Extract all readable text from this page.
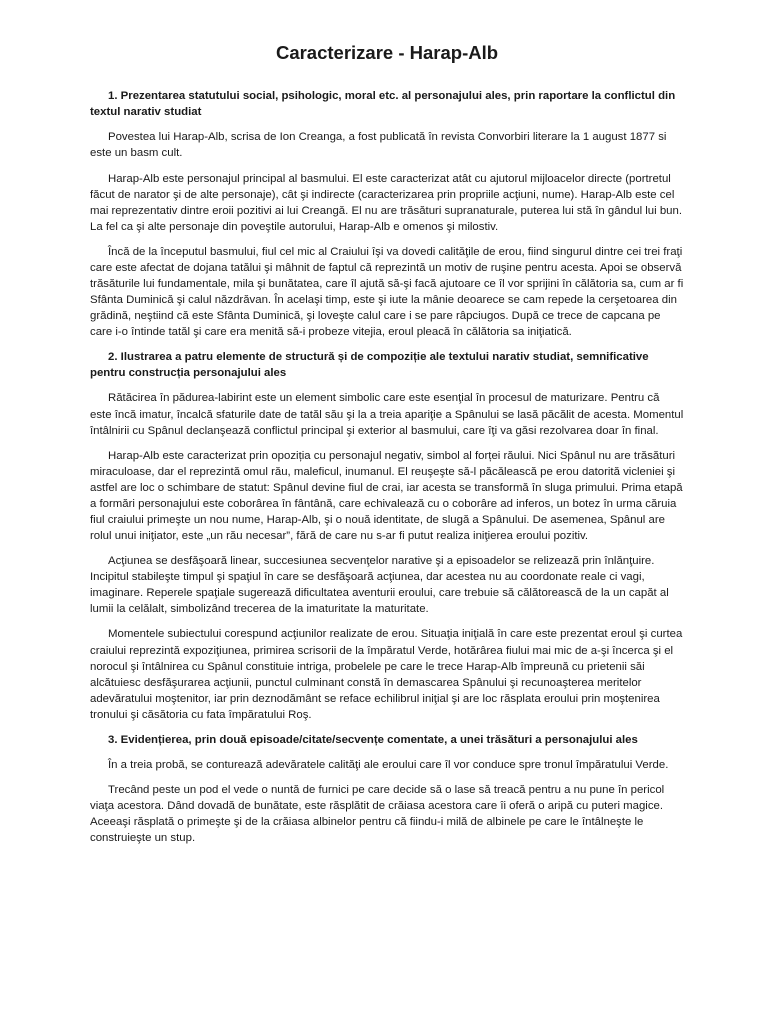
Caracterizare - Harap-Alb
1. Prezentarea statutului social, psihologic, moral etc. al personajului ales, prin raportare la conflictul din textul narativ studiat

Povestea lui Harap-Alb, scrisa de Ion Creanga, a fost publicată în revista Convorbiri literare la 1 august 1877 si este un basm cult.

Harap-Alb este personajul principal al basmului. El este caracterizat atât cu ajutorul mijloacelor directe (portretul făcut de narator şi de alte personaje), cât şi indirecte (caracterizarea prin propriile acţiuni, nume). Harap-Alb este cel mai reprezentativ dintre eroii pozitivi ai lui Creangă. El nu are trăsături supranaturale, puterea lui stă în gândul lui bun. La fel ca şi alte personaje din poveştile autorului, Harap-Alb e omenos şi milostiv.

Încă de la începutul basmului, fiul cel mic al Craiului îşi va dovedi calităţile de erou, fiind singurul dintre cei trei fraţi care este afectat de dojana tatălui şi mâhnit de faptul că reprezintă un motiv de ruşine pentru acesta. Apoi se observă trăsăturile lui fundamentale, mila şi bunătatea, care îl ajută să-şi facă ajutoare ce îl vor sprijini în călătoria sa, cum ar fi Sfânta Duminică şi calul năzdrăvan. În acelaşi timp, este şi iute la mânie deoarece se cam repede la cerşetoarea din grădină, neştiind că este Sfânta Duminică, şi loveşte calul care i se pare râpciugos. După ce trece de capcana pe care i-o întinde tatăl şi care era menită să-i probeze vitejia, eroul pleacă în călătoria sa iniţiatică.

2. Ilustrarea a patru elemente de structură și de compoziție ale textului narativ studiat, semnificative pentru construcția personajului ales

Rătăcirea în pădurea-labirint este un element simbolic care este esenţial în procesul de maturizare. Pentru că este încă imatur, încalcă sfaturile date de tatăl său şi la a treia apariţie a Spânului se lasă păcălit de acesta. Momentul întâlnirii cu Spânul declanşează conflictul principal şi exterior al basmului, care îţi va găsi rezolvarea doar în final.

Harap-Alb este caracterizat prin opoziția cu personajul negativ, simbol al forței răului. Nici Spânul nu are trăsături miraculoase, dar el reprezintă omul rău, maleficul, inumanul. El reuşeşte să-l păcălească pe erou datorită vicleniei şi astfel are loc o schimbare de statut: Spânul devine fiul de crai, iar acesta se transformă în sluga primului. Prima etapă a formări personajului este coborârea în fântână, care echivalează cu o coborâre ad inferos, un botez în urma căruia fiul craiului primeşte un nou nume, Harap-Alb, şi o nouă identitate, de slugă a Spânului. De asemenea, Spânul are rolul unui iniţiator, este „un rău necesar”, fără de care nu s-ar fi putut realiza iniţierea eroului pozitiv.

Acţiunea se desfăşoară linear, succesiunea secvenţelor narative şi a episoadelor se relizează prin înlănţuire. Incipitul stabileşte timpul şi spaţiul în care se desfăşoară acţiunea, dar acestea nu au coordonate reale ci vagi, imaginare. Reperele spaţiale sugerează dificultatea aventurii eroului, care trebuie să călătorească de la un capăt al lumii la celălalt, simbolizând trecerea de la imaturitate la maturitate.

Momentele subiectului corespund acţiunilor realizate de erou. Situaţia iniţială în care este prezentat eroul şi curtea craiului reprezintă expoziţiunea, primirea scrisorii de la împăratul Verde, hotărârea fiului mai mic de a-şi încerca şi el norocul şi întâlnirea cu Spânul constituie intriga, probelele pe care le trece Harap-Alb împreună cu prietenii săi alcătuiesc desfăşurarea acţiunii, punctul culminant constă în demascarea Spânului şi recunoaşterea meritelor adevăratului moştenitor, iar prin deznodământ se reface echilibrul iniţial şi are loc răsplata eroului prin moştenirea tronului şi căsătoria cu fata împăratului Roş.

3. Evidențierea, prin două episoade/citate/secvențe comentate, a unei trăsături a personajului ales

În a treia probă, se conturează adevăratele calităţi ale eroului care îl vor conduce spre tronul împăratului Verde.

Trecând peste un pod el vede o nuntă de furnici pe care decide să o lase să treacă pentru a nu pune în pericol viaţa acestora. Dând dovadă de bunătate, este răsplătit de crăiasa acestora care îi oferă o aripă cu puteri magice. Aceeaşi răsplată o primeşte şi de la crăiasa albinelor pentru că fiindu-i milă de albinele pe care le întâlneşte le construieşte un stup.
